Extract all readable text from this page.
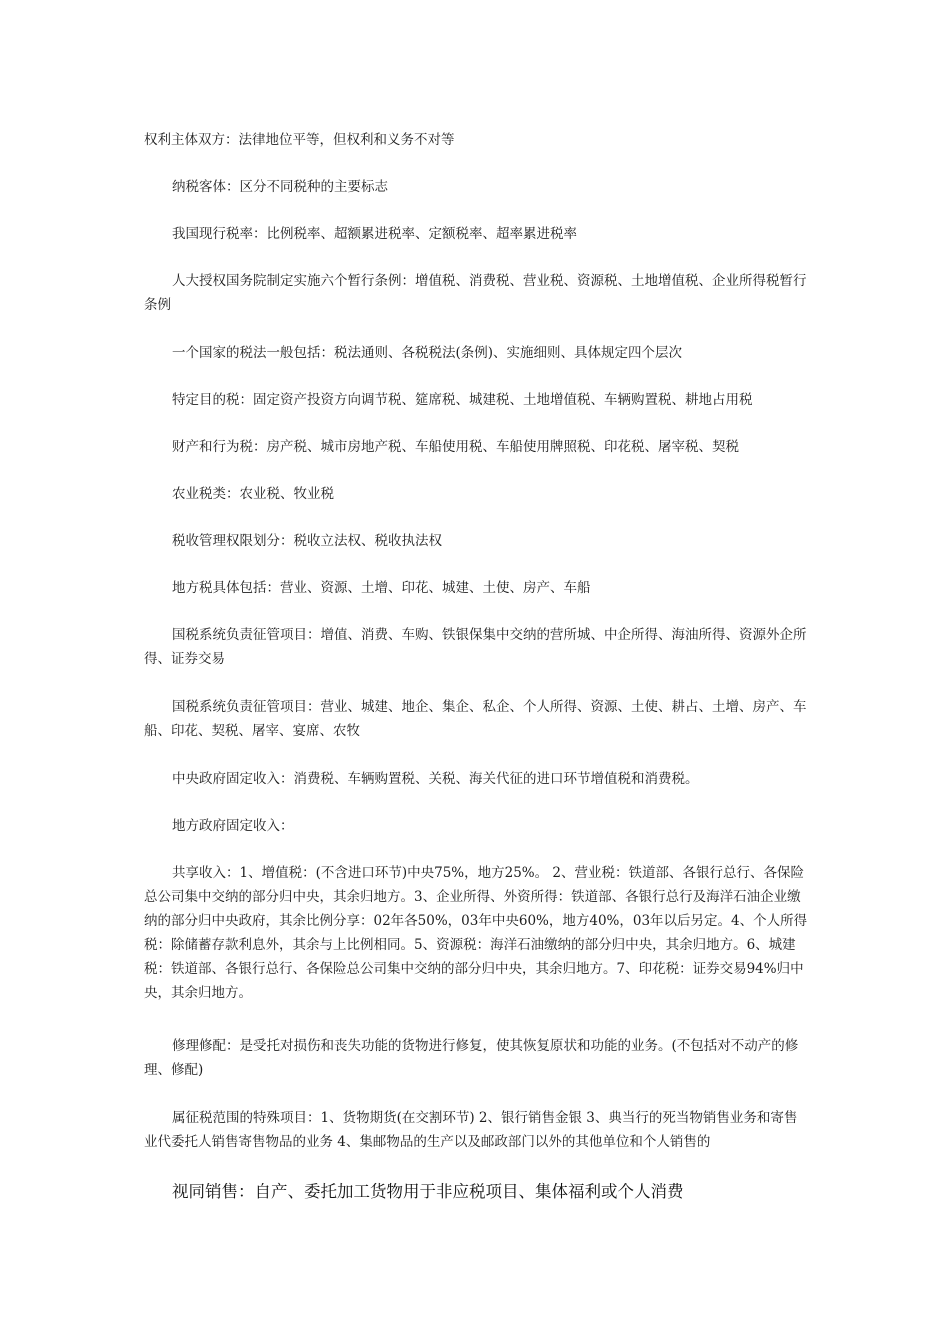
权利主体双方：法律地位平等，但权利和义务不对等

纳税客体：区分不同税种的主要标志

我国现行税率：比例税率、超额累进税率、定额税率、超率累进税率

人大授权国务院制定实施六个暂行条例：增值税、消费税、营业税、资源税、土地增值税、企业所得税暂行条例

一个国家的税法一般包括：税法通则、各税税法(条例)、实施细则、具体规定四个层次

特定目的税：固定资产投资方向调节税、筵席税、城建税、土地增值税、车辆购置税、耕地占用税

财产和行为税：房产税、城市房地产税、车船使用税、车船使用牌照税、印花税、屠宰税、契税

农业税类：农业税、牧业税

税收管理权限划分：税收立法权、税收执法权

地方税具体包括：营业、资源、土增、印花、城建、土使、房产、车船

国税系统负责征管项目：增值、消费、车购、铁银保集中交纳的营所城、中企所得、海油所得、资源外企所得、证券交易

国税系统负责征管项目：营业、城建、地企、集企、私企、个人所得、资源、土使、耕占、土增、房产、车船、印花、契税、屠宰、宴席、农牧

中央政府固定收入：消费税、车辆购置税、关税、海关代征的进口环节增值税和消费税。

地方政府固定收入：

共享收入：1、增值税：(不含进口环节)中央75%，地方25%。 2、营业税：铁道部、各银行总行、各保险总公司集中交纳的部分归中央，其余归地方。3、企业所得、外资所得：铁道部、各银行总行及海洋石油企业缴纳的部分归中央政府，其余比例分享：02年各50%，03年中央60%，地方40%，03年以后另定。4、个人所得税：除储蓄存款利息外，其余与上比例相同。5、资源税：海洋石油缴纳的部分归中央，其余归地方。6、城建税：铁道部、各银行总行、各保险总公司集中交纳的部分归中央，其余归地方。7、印花税：证券交易94%归中央，其余归地方。

修理修配：是受托对损伤和丧失功能的货物进行修复，使其恢复原状和功能的业务。(不包括对不动产的修理、修配)

属征税范围的特殊项目：1、货物期货(在交割环节) 2、银行销售金银 3、典当行的死当物销售业务和寄售业代委托人销售寄售物品的业务 4、集邮物品的生产以及邮政部门以外的其他单位和个人销售的

视同销售：自产、委托加工货物用于非应税项目、集体福利或个人消费
